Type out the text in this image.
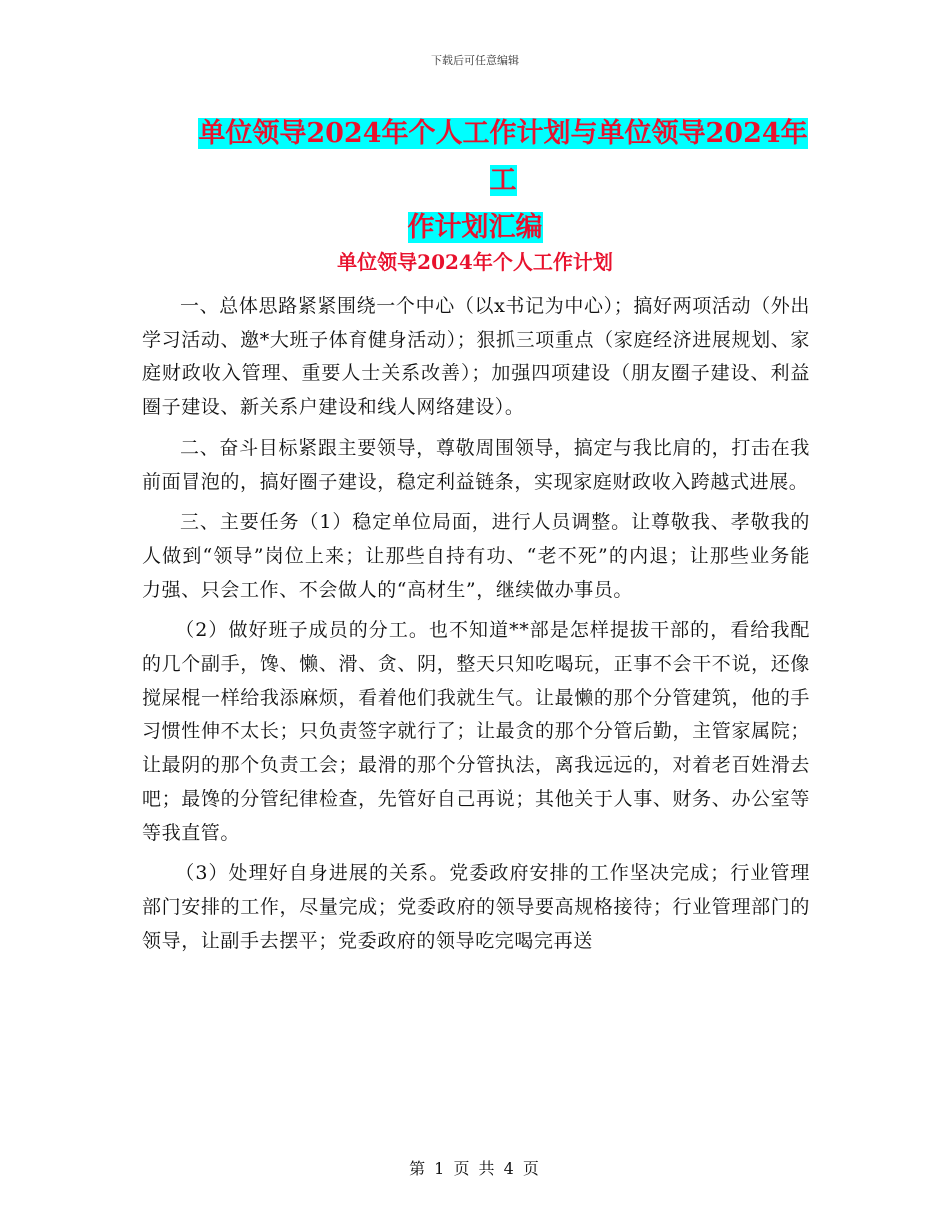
下载后可任意编辑
单位领导2024年个人工作计划与单位领导2024年工
作计划汇编
单位领导2024年个人工作计划

一、总体思路紧紧围绕一个中心（以x书记为中心）；搞好两项活动（外出学习活动、邀*大班子体育健身活动）；狠抓三项重点（家庭经济进展规划、家庭财政收入管理、重要人士关系改善）；加强四项建设（朋友圈子建设、利益圈子建设、新关系户建设和线人网络建设）。

二、奋斗目标紧跟主要领导，尊敬周围领导，搞定与我比肩的，打击在我前面冒泡的，搞好圈子建设，稳定利益链条，实现家庭财政收入跨越式进展。

三、主要任务（1）稳定单位局面，进行人员调整。让尊敬我、孝敬我的人做到“领导”岗位上来；让那些自持有功、“老不死”的内退；让那些业务能力强、只会工作、不会做人的“高材生”，继续做办事员。

（2）做好班子成员的分工。也不知道**部是怎样提拔干部的，看给我配的几个副手，馋、懒、滑、贪、阴，整天只知吃喝玩，正事不会干不说，还像搅屎棍一样给我添麻烦，看着他们我就生气。让最懒的那个分管建筑，他的手习惯性伸不太长；只负责签字就行了；让最贪的那个分管后勤，主管家属院；让最阴的那个负责工会；最滑的那个分管执法，离我远远的，对着老百姓滑去吧；最馋的分管纪律检查，先管好自己再说；其他关于人事、财务、办公室等等我直管。

（3）处理好自身进展的关系。党委政府安排的工作坚决完成；行业管理部门安排的工作，尽量完成；党委政府的领导要高规格接待；行业管理部门的领导，让副手去摆平；党委政府的领导吃完喝完再送

第 1 页 共 4 页
